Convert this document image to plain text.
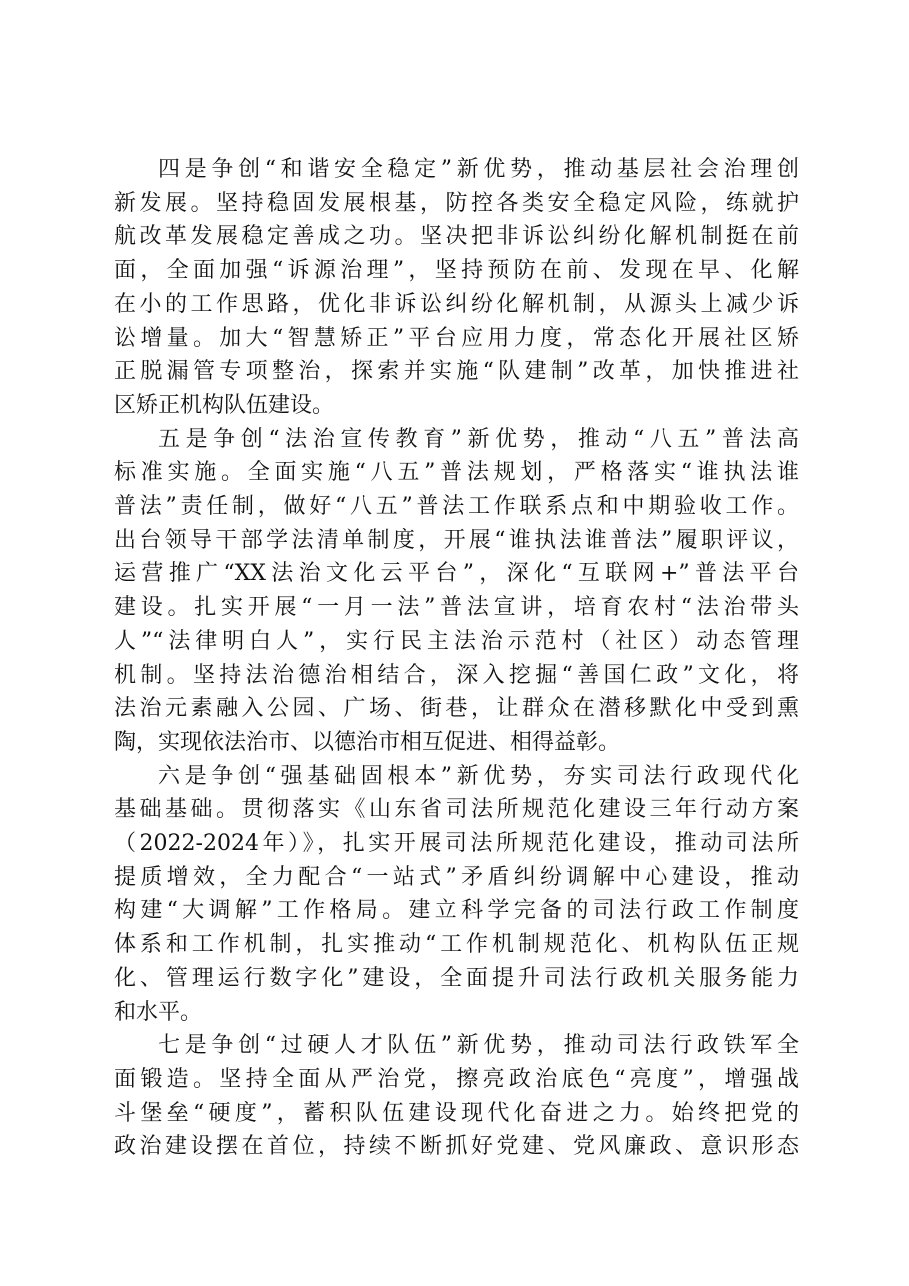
四是争创“和谐安全稳定”新优势，推动基层社会治理创
新发展。坚持稳固发展根基，防控各类安全稳定风险，练就护
航改革发展稳定善成之功。坚决把非诉讼纠纷化解机制挺在前
面，全面加强“诉源治理”，坚持预防在前、发现在早、化解
在小的工作思路，优化非诉讼纠纷化解机制，从源头上减少诉
讼增量。加大“智慧矫正”平台应用力度，常态化开展社区矫
正脱漏管专项整治，探索并实施“队建制”改革，加快推进社
区矫正机构队伍建设。
五是争创“法治宣传教育”新优势，推动“八五”普法高
标准实施。全面实施“八五”普法规划，严格落实“谁执法谁
普法”责任制，做好“八五”普法工作联系点和中期验收工作。
出台领导干部学法清单制度，开展“谁执法谁普法”履职评议，
运营推广“XX法治文化云平台”，深化“互联网+”普法平台
建设。扎实开展“一月一法”普法宣讲，培育农村“法治带头
人”“法律明白人”，实行民主法治示范村（社区）动态管理
机制。坚持法治德治相结合，深入挖掘“善国仁政”文化，将
法治元素融入公园、广场、街巷，让群众在潜移默化中受到熏
陶，实现依法治市、以德治市相互促进、相得益彰。
六是争创“强基础固根本”新优势，夯实司法行政现代化
基础基础。贯彻落实《山东省司法所规范化建设三年行动方案
（2022-2024年）》，扎实开展司法所规范化建设，推动司法所
提质增效，全力配合“一站式”矛盾纠纷调解中心建设，推动
构建“大调解”工作格局。建立科学完备的司法行政工作制度
体系和工作机制，扎实推动“工作机制规范化、机构队伍正规
化、管理运行数字化”建设，全面提升司法行政机关服务能力
和水平。
七是争创“过硬人才队伍”新优势，推动司法行政铁军全
面锻造。坚持全面从严治党，擦亮政治底色“亮度”，增强战
斗堡垒“硬度”，蓄积队伍建设现代化奋进之力。始终把党的
政治建设摆在首位，持续不断抓好党建、党风廉政、意识形态
